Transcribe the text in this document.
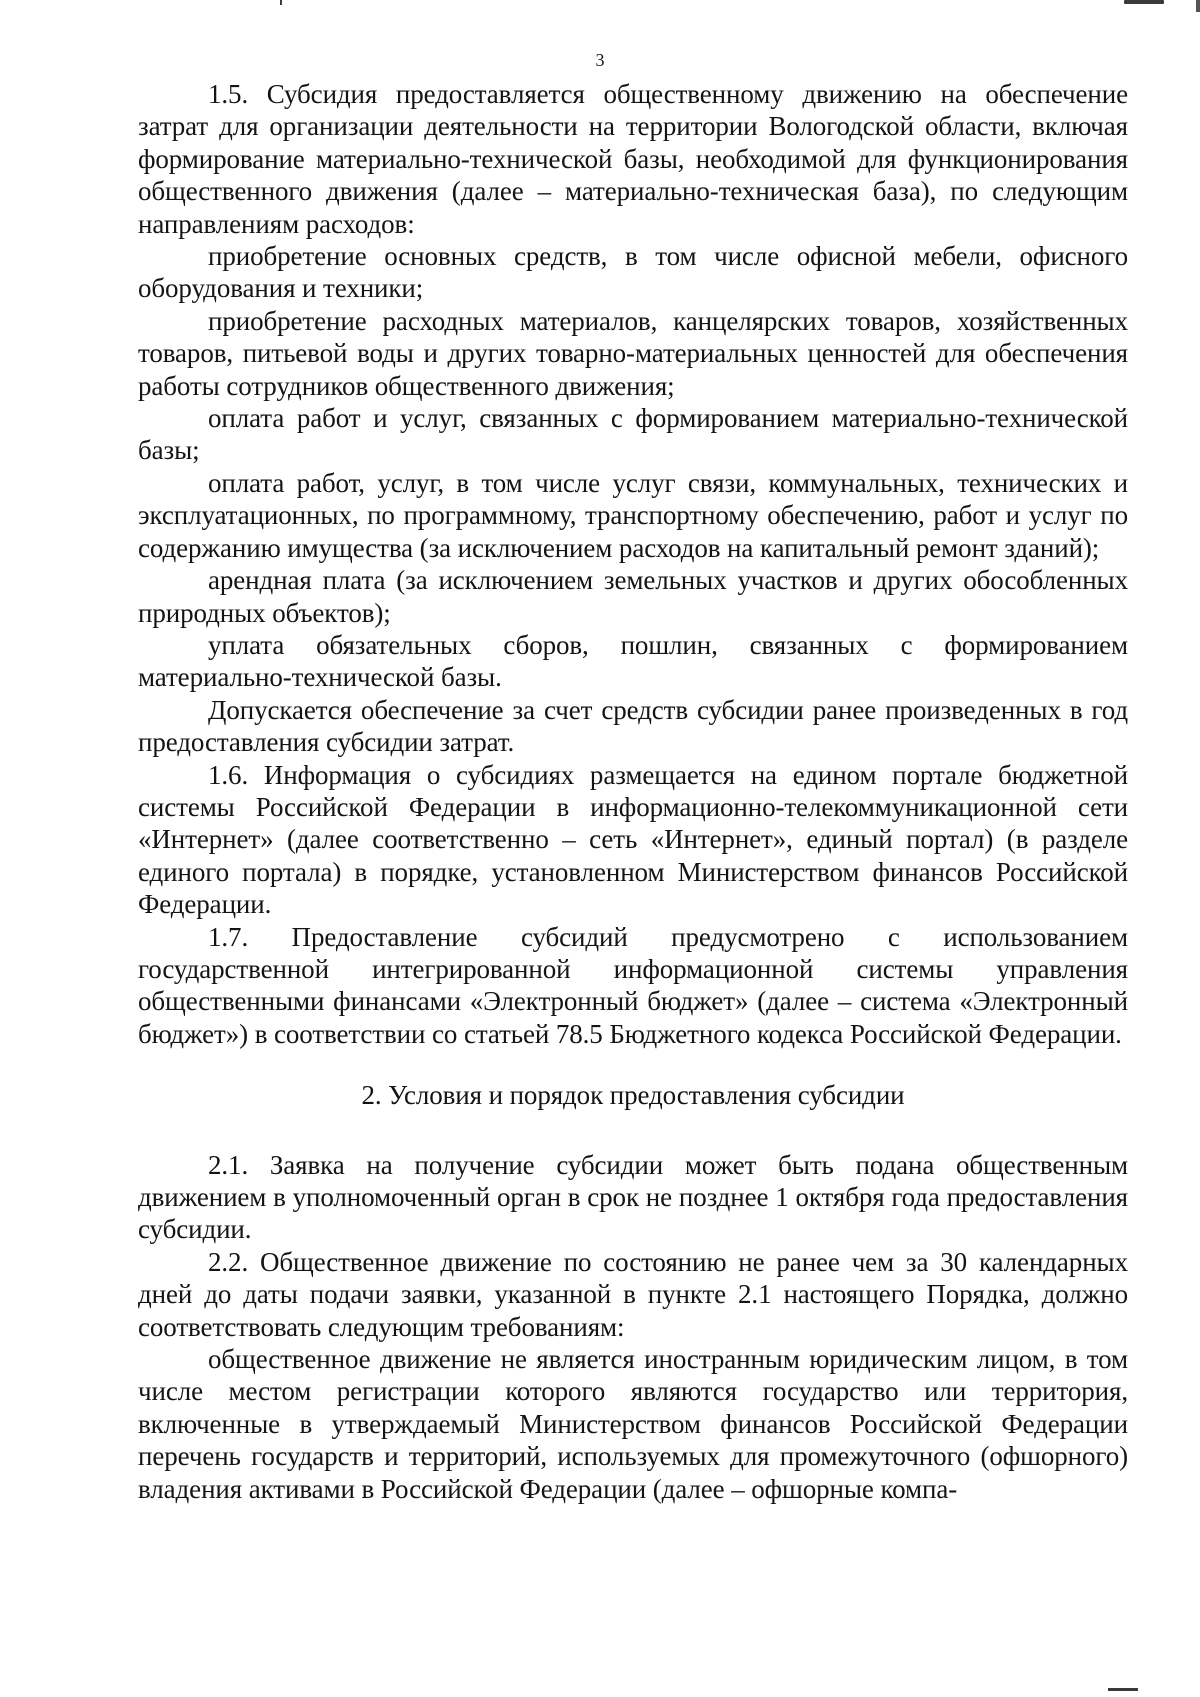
3

1.5. Субсидия предоставляется общественному движению на обеспечение затрат для организации деятельности на территории Вологодской области, включая формирование материально-технической базы, необходимой для функционирования общественного движения (далее – материально-техническая база), по следующим направлениям расходов:

приобретение основных средств, в том числе офисной мебели, офисного оборудования и техники;

приобретение расходных материалов, канцелярских товаров, хозяйственных товаров, питьевой воды и других товарно-материальных ценностей для обеспечения работы сотрудников общественного движения;

оплата работ и услуг, связанных с формированием материально-технической базы;

оплата работ, услуг, в том числе услуг связи, коммунальных, технических и эксплуатационных, по программному, транспортному обеспечению, работ и услуг по содержанию имущества (за исключением расходов на капитальный ремонт зданий);

арендная плата (за исключением земельных участков и других обособленных природных объектов);

уплата обязательных сборов, пошлин, связанных с формированием материально-технической базы.

Допускается обеспечение за счет средств субсидии ранее произведенных в год предоставления субсидии затрат.

1.6. Информация о субсидиях размещается на едином портале бюджетной системы Российской Федерации в информационно-телекоммуникационной сети «Интернет» (далее соответственно – сеть «Интернет», единый портал) (в разделе единого портала) в порядке, установленном Министерством финансов Российской Федерации.

1.7. Предоставление субсидий предусмотрено с использованием государственной интегрированной информационной системы управления общественными финансами «Электронный бюджет» (далее – система «Электронный бюджет») в соответствии со статьей 78.5 Бюджетного кодекса Российской Федерации.

2. Условия и порядок предоставления субсидии

2.1. Заявка на получение субсидии может быть подана общественным движением в уполномоченный орган в срок не позднее 1 октября года предоставления субсидии.

2.2. Общественное движение по состоянию не ранее чем за 30 календарных дней до даты подачи заявки, указанной в пункте 2.1 настоящего Порядка, должно соответствовать следующим требованиям:

общественное движение не является иностранным юридическим лицом, в том числе местом регистрации которого являются государство или территория, включенные в утверждаемый Министерством финансов Российской Федерации перечень государств и территорий, используемых для промежуточного (офшорного) владения активами в Российской Федерации (далее – офшорные компа-
